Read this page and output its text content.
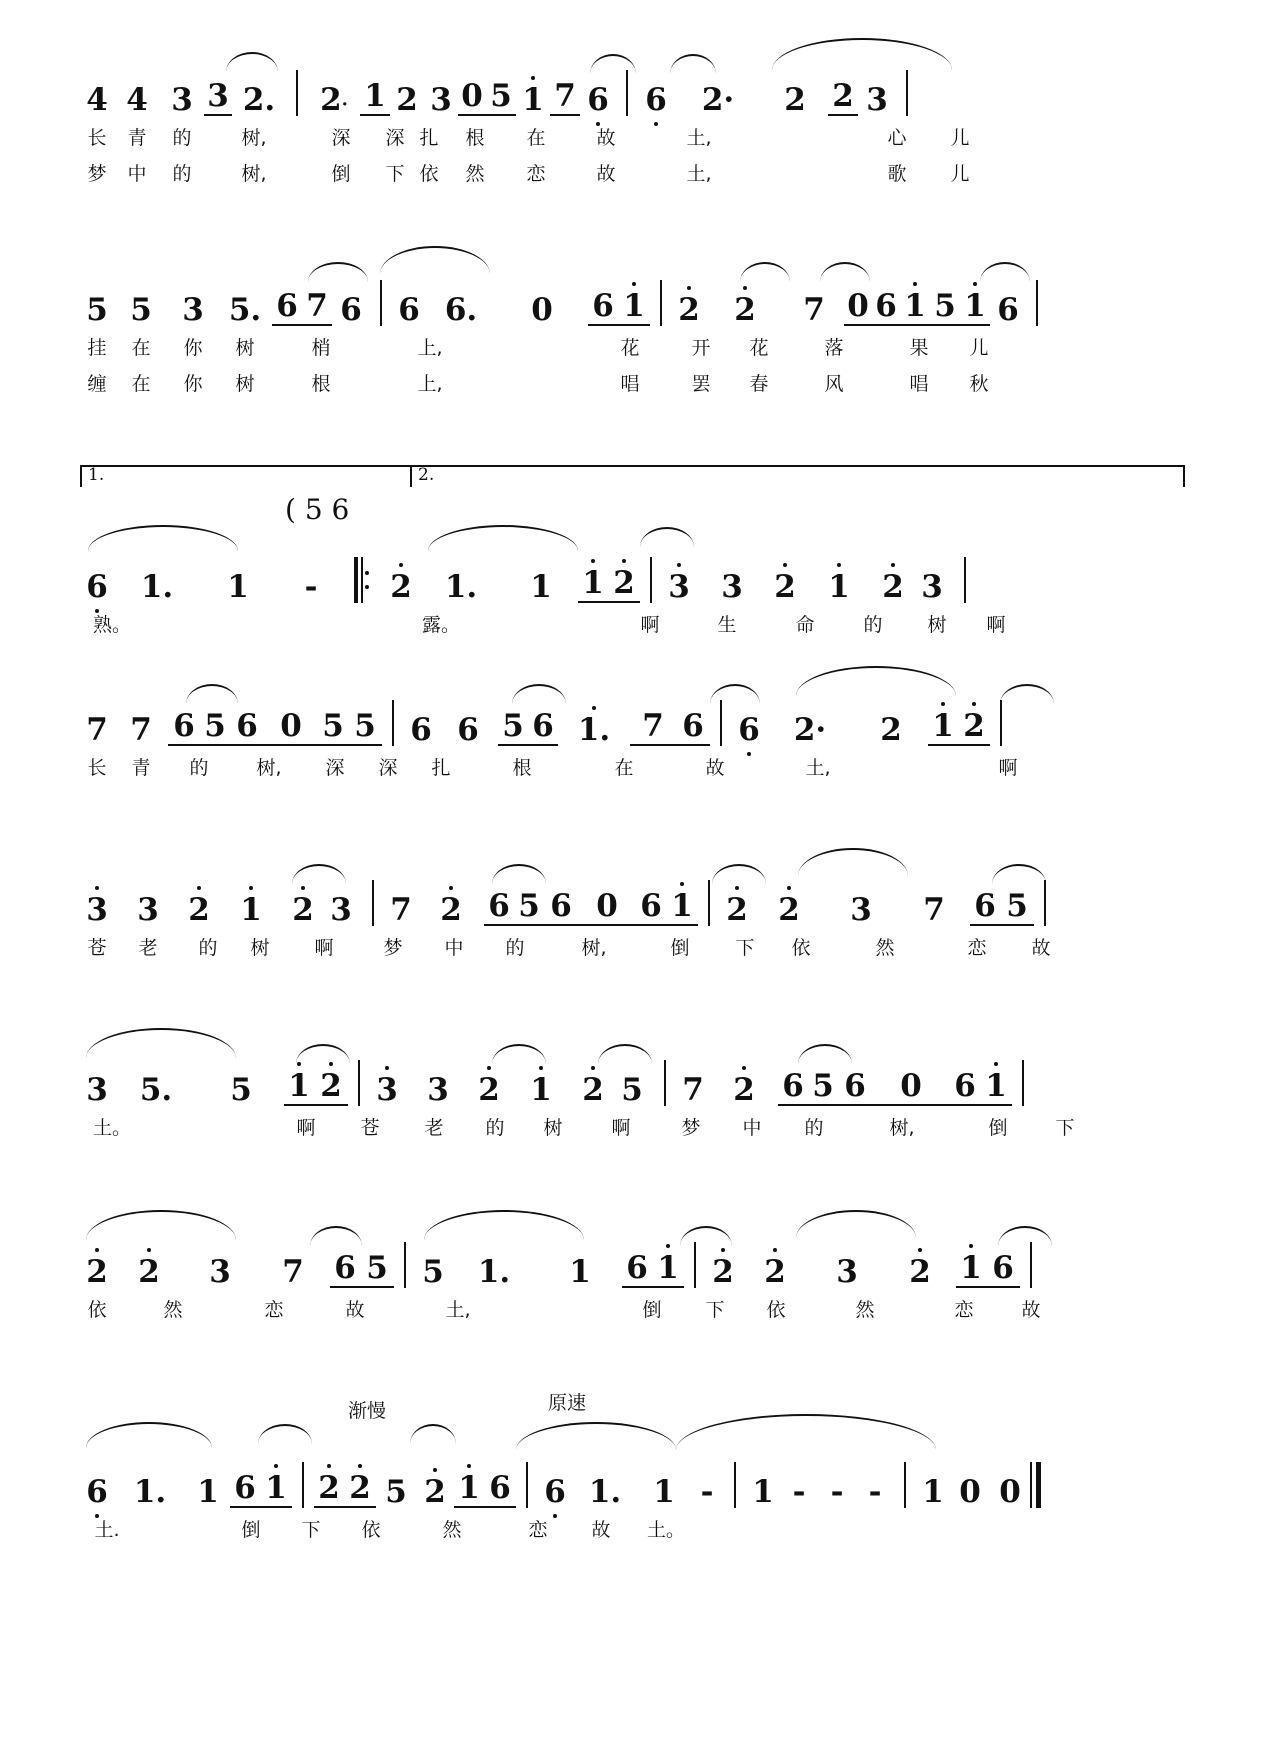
4 4 3 3 2.	2· 1 2 3 0 5 1 7 6 6	2·	2 2 3
长	青	的	树,	深	深 扎	根	在	故	土,	心	儿
梦	中	的	树,	倒	下 依	然	恋	故	土,	歌	儿
5 5 3 5. 6 7 6 6 6.	0	6 1 2	2	7 0 6 1 5 1 6
挂	在	你	树	梢	上,	花	开	花	落	果	儿
缠	在	你	树	根	上,	唱	罢	春	风	唱	秋
1.	2.
( 5 6
6	1.	1	-

	2	1.	1 1 2 3	3	2	1	2 3
熟。	露。	啊	生	命	的	树	啊
7 7 6 5 6 0 5 5 6 6 5 6 1.	7 6 6	2·	2 1 2
长	青	的	树,	深	深	扎	根	在	故	土,	啊
3 3 2 1 2 3	7 2 6 5 6 0 6 1 2 2	3	7 6 5
苍	老	的	树	啊	梦	中	的	树,	倒	下	依	然	恋	故
3	5.	5	1 2 3 3 2 1 2 5	7 2 6 5 6	0	6 1
土。	啊	苍	老	的	树	啊	梦	中	的	树,	倒	下
2 2	3	7 6 5 5	1.	1	6 1 2 2	3	2 1 6
依	然	恋	故	土,	倒	下	依	然	恋	故
渐慢	原速
6 1.	1 6 1 2 2 5 2 1 6 6 1.	1 -	1 - - -	1 0 0
土.	倒	下	依	然	恋	故	土。
